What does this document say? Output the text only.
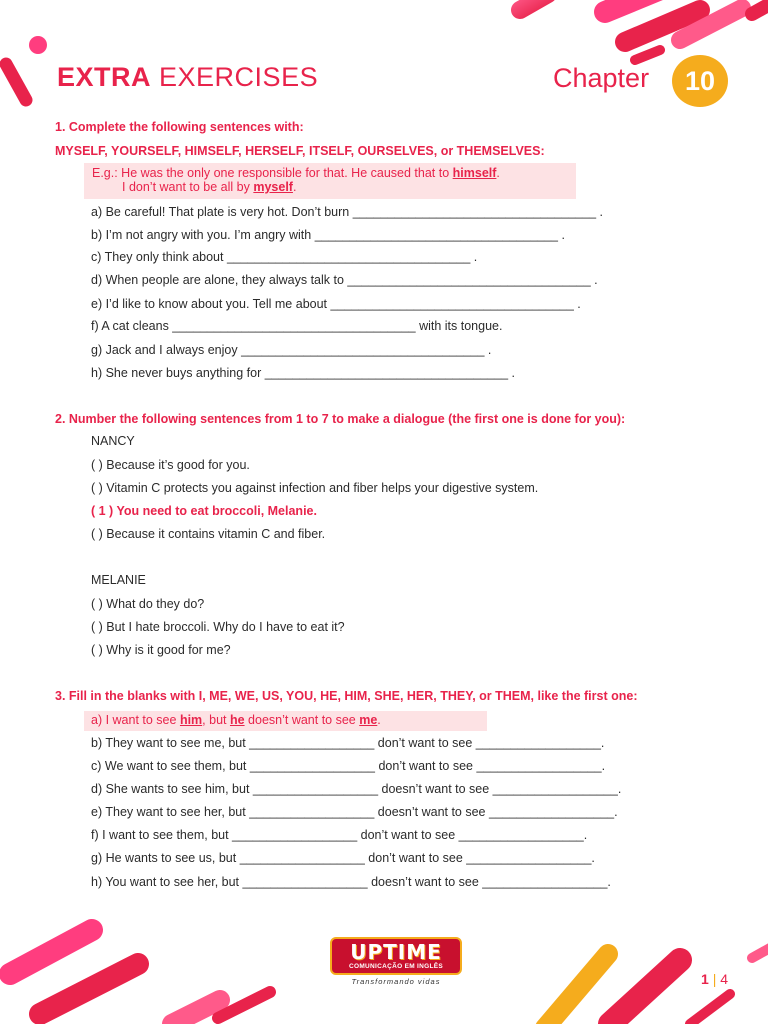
EXTRA EXERCISES	Chapter	10
1. Complete the following sentences with:
MYSELF, YOURSELF, HIMSELF, HERSELF, ITSELF, OURSELVES, or THEMSELVES:
E.g.: He was the only one responsible for that. He caused that to himself.
I don’t want to be all by myself.
a) Be careful! That plate is very hot. Don’t burn ___________________________________ .
b) I’m not angry with you. I’m angry with ___________________________________ .
c) They only think about ___________________________________ .
d) When people are alone, they always talk to ___________________________________ .
e) I’d like to know about you. Tell me about ___________________________________ .
f) A cat cleans ___________________________________ with its tongue.
g) Jack and I always enjoy ___________________________________ .
h) She never buys anything for ___________________________________ .
2. Number the following sentences from 1 to 7 to make a dialogue (the first one is done for you):
NANCY
( ) Because it’s good for you.
( ) Vitamin C protects you against infection and fiber helps your digestive system.
( 1 ) You need to eat broccoli, Melanie.
( ) Because it contains vitamin C and fiber.
MELANIE
( ) What do they do?
( ) But I hate broccoli. Why do I have to eat it?
( ) Why is it good for me?
3. Fill in the blanks with I, ME, WE, US, YOU, HE, HIM, SHE, HER, THEY, or THEM, like the first one:
a) I want to see him, but he doesn’t want to see me.
b) They want to see me, but __________________ don’t want to see __________________.
c) We want to see them, but __________________ don’t want to see __________________.
d) She wants to see him, but __________________ doesn’t want to see __________________.
e) They want to see her, but __________________ doesn’t want to see __________________.
f) I want to see them, but __________________ don’t want to see __________________.
g) He wants to see us, but __________________ don’t want to see __________________.
h) You want to see her, but __________________ doesn’t want to see __________________.
UPTIME
COMUNICAÇÃO EM INGLÊS
Transformando vidas	1 | 4
